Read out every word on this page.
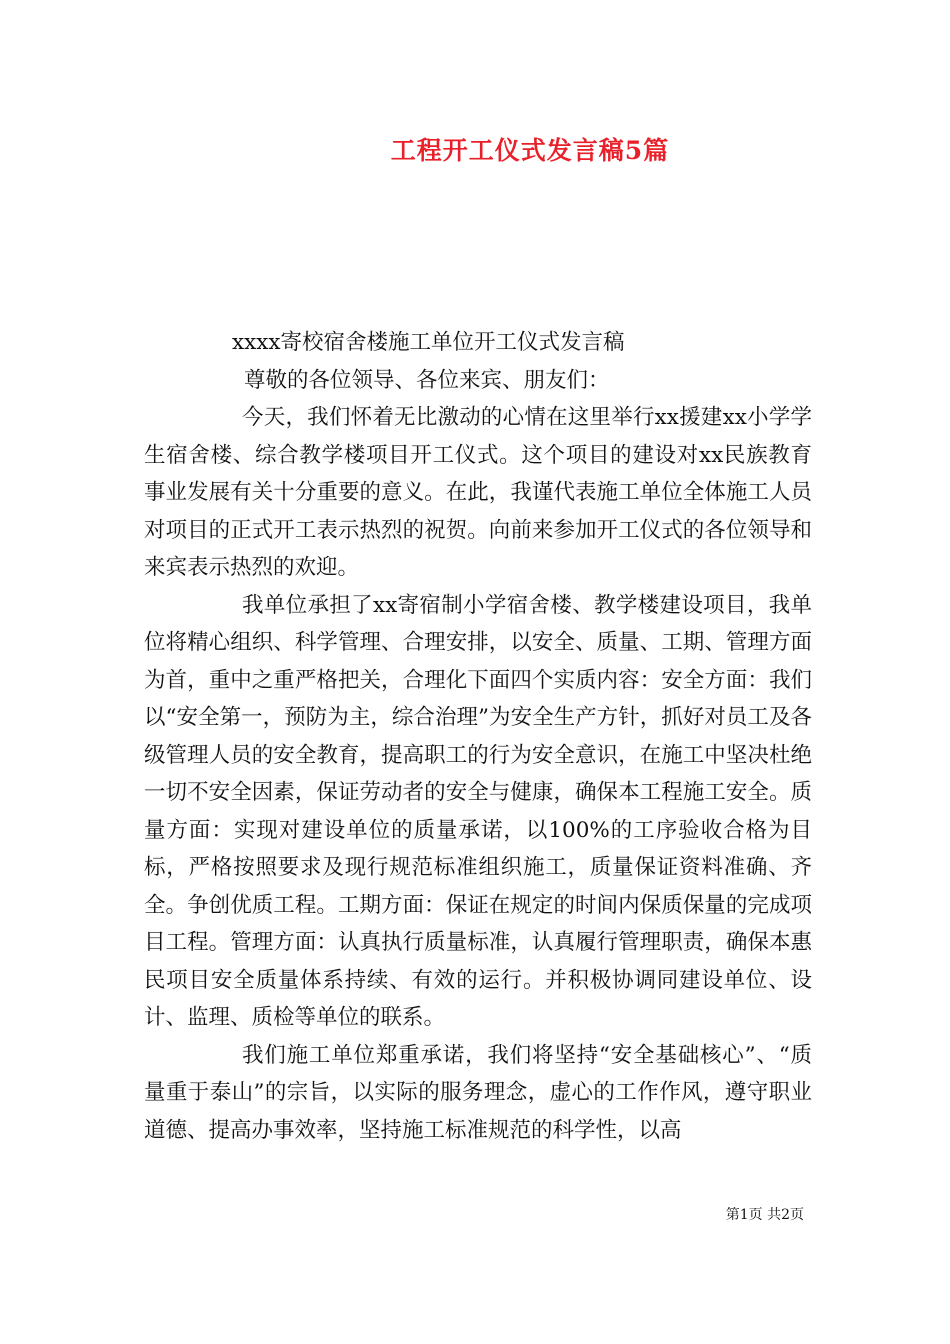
工程开工仪式发言稿5篇

xxxx寄校宿舍楼施工单位开工仪式发言稿

尊敬的各位领导、各位来宾、朋友们：

今天，我们怀着无比激动的心情在这里举行xx援建xx小学学生宿舍楼、综合教学楼项目开工仪式。这个项目的建设对xx民族教育事业发展有关十分重要的意义。在此，我谨代表施工单位全体施工人员对项目的正式开工表示热烈的祝贺。向前来参加开工仪式的各位领导和来宾表示热烈的欢迎。

我单位承担了xx寄宿制小学宿舍楼、教学楼建设项目，我单位将精心组织、科学管理、合理安排，以安全、质量、工期、管理方面为首，重中之重严格把关，合理化下面四个实质内容：安全方面：我们以“安全第一，预防为主，综合治理”为安全生产方针，抓好对员工及各级管理人员的安全教育，提高职工的行为安全意识，在施工中坚决杜绝一切不安全因素，保证劳动者的安全与健康，确保本工程施工安全。质量方面：实现对建设单位的质量承诺，以100%的工序验收合格为目标，严格按照要求及现行规范标准组织施工，质量保证资料准确、齐全。争创优质工程。工期方面：保证在规定的时间内保质保量的完成项目工程。管理方面：认真执行质量标准，认真履行管理职责，确保本惠民项目安全质量体系持续、有效的运行。并积极协调同建设单位、设计、监理、质检等单位的联系。

我们施工单位郑重承诺，我们将坚持“安全基础核心”、“质量重于泰山”的宗旨，以实际的服务理念，虚心的工作作风，遵守职业道德、提高办事效率，坚持施工标准规范的科学性，以高

第1页 共2页
